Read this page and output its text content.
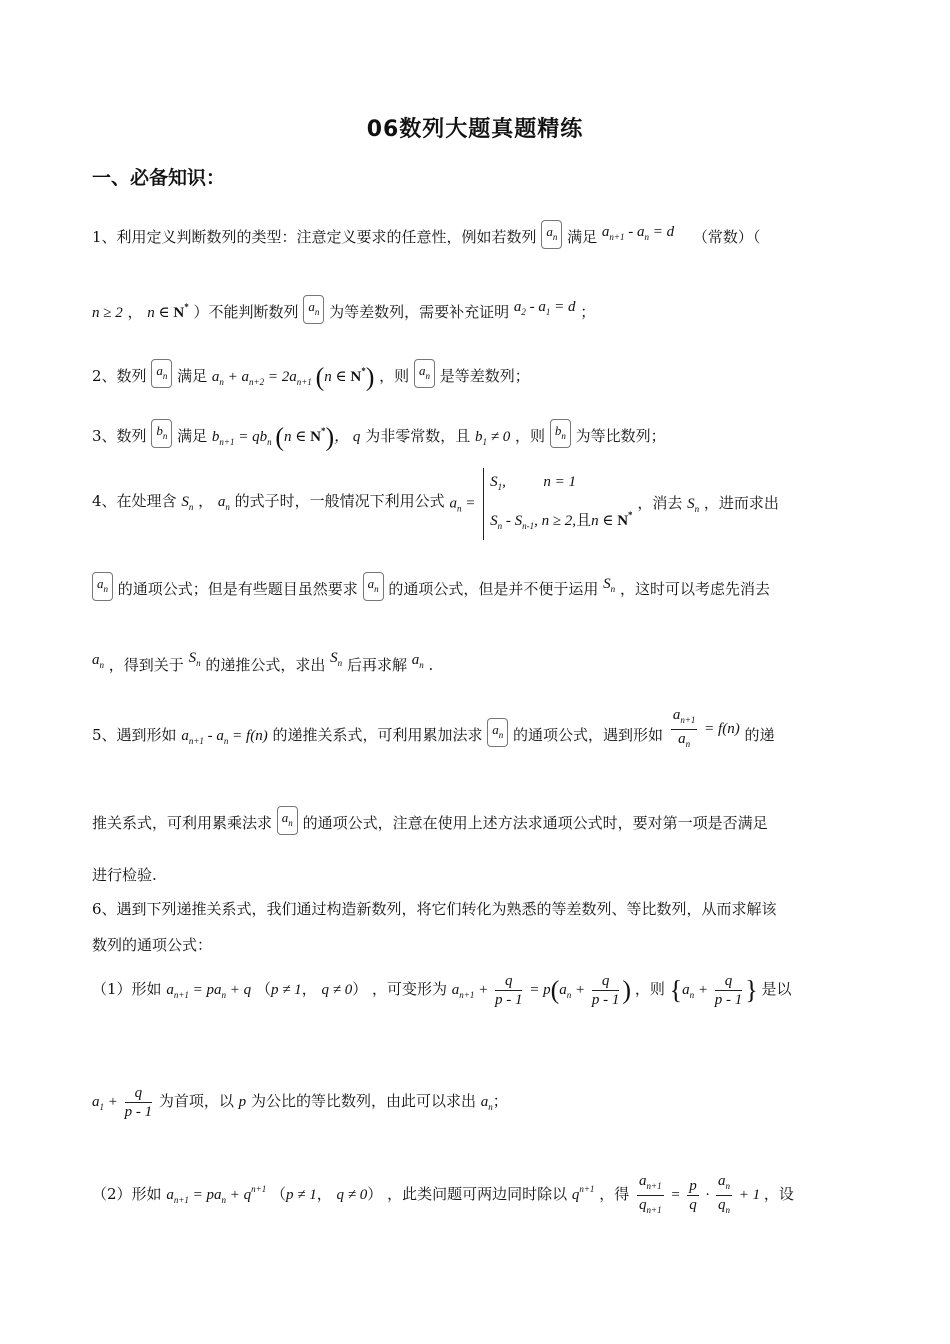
06数列大题真题精练
一、必备知识：
1、利用定义判断数列的类型：注意定义要求的任意性，例如若数列 $a_n$ 满足 $a_{n+1} - a_n = d$ （常数）（
n ≥ 2 ， n ∈ N* ）不能判断数列 $a_n$ 为等差数列，需要补充证明 $a_2 - a_1 = d$ ；
2、数列 $a_n$ 满足 $a_n + a_{n+2} = 2a_{n+1}$ (n ∈ N*) ，则 $a_n$ 是等差数列；
3、数列 $b_n$ 满足 $b_{n+1} = qb_n$ (n ∈ N*)， q 为非零常数，且 $b_1 \ne 0$ ，则 $b_n$ 为等比数列；
4、在处理含 $S_n$ ， $a_n$ 的式子时，一般情况下利用公式 $a_n$ =
$S_1$,          n = 1
$S_n - S_{n-1}$, n ≥ 2,且n ∈ N*
，消去 $S_n$ ，进而求出
$a_n$ 的通项公式；但是有些题目虽然要求 $a_n$ 的通项公式，但是并不便于运用 $S_n$ ，这时可以考虑先消去
$a_n$ ，得到关于 $S_n$ 的递推公式，求出 $S_n$ 后再求解 $a_n$ .
5、遇到形如 $a_{n+1} - a_n = f(n)$ 的递推关系式，可利用累加法求 $a_n$ 的通项公式，遇到形如 $\frac{a_{n+1}}{a_n} = f(n)$ 的递
推关系式，可利用累乘法求 $a_n$ 的通项公式，注意在使用上述方法求通项公式时，要对第一项是否满足
进行检验.
6、遇到下列递推关系式，我们通过构造新数列，将它们转化为熟悉的等差数列、等比数列，从而求解该
数列的通项公式：
（1）形如 $a_{n+1} = pa_n + q$ （p ≠ 1， q ≠ 0） ，可变形为 $a_{n+1} + \frac{q}{p - 1} = p(a_n + \frac{q}{p - 1}$ ) ，则 {$a_n + \frac{q}{p - 1}$ } 是以
$a_1 + \frac{q}{p - 1}$ 为首项，以 p 为公比的等比数列，由此可以求出 $a_n$；
（2）形如 $a_{n+1} = pa_n + q^{n+1}$ （p ≠ 1， q ≠ 0） ，此类问题可两边同时除以 $q^{n+1}$ ，得 $\frac{a_{n+1}}{q_{n+1}} = \frac{p}{q} \cdot \frac{a_n}{q_n} + 1$ ，设
